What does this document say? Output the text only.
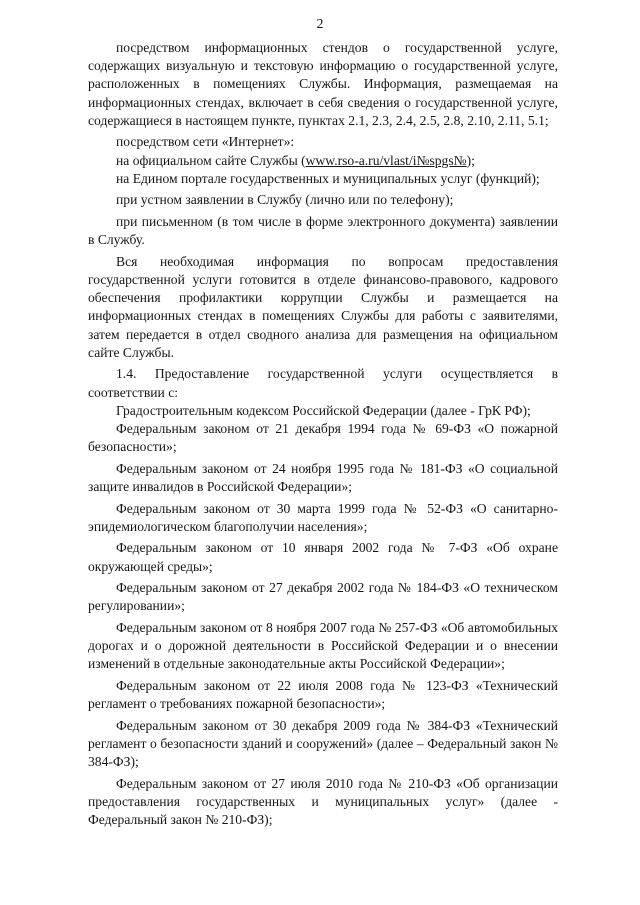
2

посредством информационных стендов о государственной услуге, содержащих визуальную и текстовую информацию о государственной услуге, расположенных в помещениях Службы. Информация, размещаемая на информационных стендах, включает в себя сведения о государственной услуге, содержащиеся в настоящем пункте, пунктах 2.1, 2.3, 2.4, 2.5, 2.8, 2.10, 2.11, 5.1;

посредством сети «Интернет»:

на официальном сайте Службы (www.rso-a.ru/vlast/i№spgs№);

на Едином портале государственных и муниципальных услуг (функций);

при устном заявлении в Службу (лично или по телефону);

при письменном (в том числе в форме электронного документа) заявлении в Службу.

Вся необходимая информация по вопросам предоставления государственной услуги готовится в отделе финансово-правового, кадрового обеспечения профилактики коррупции Службы и размещается на информационных стендах в помещениях Службы для работы с заявителями, затем передается в отдел сводного анализа для размещения на официальном сайте Службы.

1.4. Предоставление государственной услуги осуществляется в соответствии с:

Градостроительным кодексом Российской Федерации (далее - ГрК РФ);

Федеральным законом от 21 декабря 1994 года № 69-ФЗ «О пожарной безопасности»;

Федеральным законом от 24 ноября 1995 года № 181-ФЗ «О социальной защите инвалидов в Российской Федерации»;

Федеральным законом от 30 марта 1999 года № 52-ФЗ «О санитарно-эпидемиологическом благополучии населения»;

Федеральным законом от 10 января 2002 года № 7-ФЗ «Об охране окружающей среды»;

Федеральным законом от 27 декабря 2002 года № 184-ФЗ «О техническом регулировании»;

Федеральным законом от 8 ноября 2007 года № 257-ФЗ «Об автомобильных дорогах и о дорожной деятельности в Российской Федерации и о внесении изменений в отдельные законодательные акты Российской Федерации»;

Федеральным законом от 22 июля 2008 года № 123-ФЗ «Технический регламент о требованиях пожарной безопасности»;

Федеральным законом от 30 декабря 2009 года № 384-ФЗ «Технический регламент о безопасности зданий и сооружений» (далее – Федеральный закон № 384-ФЗ);

Федеральным законом от 27 июля 2010 года № 210-ФЗ «Об организации предоставления государственных и муниципальных услуг» (далее - Федеральный закон № 210-ФЗ);
